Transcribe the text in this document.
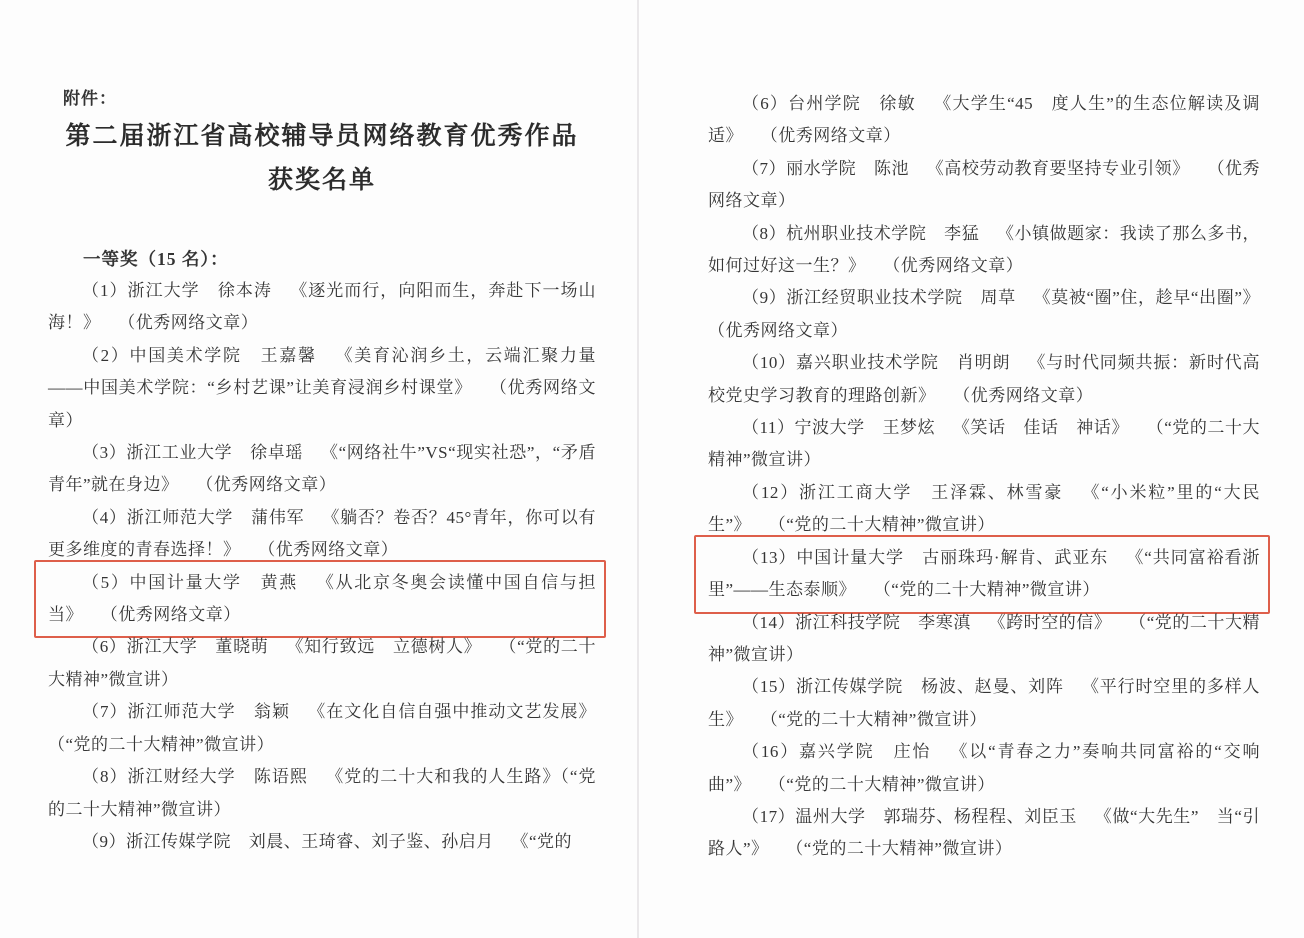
附件：

第二届浙江省高校辅导员网络教育优秀作品
获奖名单

一等奖（15 名）：

（1）浙江大学 徐本涛 《逐光而行，向阳而生，奔赴下一场山海！》 （优秀网络文章）

（2）中国美术学院 王嘉馨 《美育沁润乡土，云端汇聚力量——中国美术学院：“乡村艺课”让美育浸润乡村课堂》 （优秀网络文章）

（3）浙江工业大学 徐卓瑶 《“网络社牛”VS“现实社恐”，“矛盾青年”就在身边》 （优秀网络文章）

（4）浙江师范大学 蒲伟军 《躺否？卷否？45°青年，你可以有更多维度的青春选择！》 （优秀网络文章）

（5）中国计量大学 黄燕 《从北京冬奥会读懂中国自信与担当》 （优秀网络文章）

（6）浙江大学 董晓萌 《知行致远 立德树人》 （“党的二十大精神”微宣讲）

（7）浙江师范大学 翁颖 《在文化自信自强中推动文艺发展》（“党的二十大精神”微宣讲）

（8）浙江财经大学 陈语熙 《党的二十大和我的人生路》（“党的二十大精神”微宣讲）

（9）浙江传媒学院 刘晨、王琦睿、刘子鉴、孙启月 《“党的

（6）台州学院 徐敏 《大学生“45 度人生”的生态位解读及调适》 （优秀网络文章）

（7）丽水学院 陈池 《高校劳动教育要坚持专业引领》 （优秀网络文章）

（8）杭州职业技术学院 李猛 《小镇做题家：我读了那么多书，如何过好这一生？》 （优秀网络文章）

（9）浙江经贸职业技术学院 周草 《莫被“圈”住，趁早“出圈”》（优秀网络文章）

（10）嘉兴职业技术学院 肖明朗 《与时代同频共振：新时代高校党史学习教育的理路创新》 （优秀网络文章）

（11）宁波大学 王梦炫 《笑话 佳话 神话》 （“党的二十大精神”微宣讲）

（12）浙江工商大学 王泽霖、林雪豪 《“小米粒”里的“大民生”》 （“党的二十大精神”微宣讲）

（13）中国计量大学 古丽珠玛·解肯、武亚东 《“共同富裕看浙里”——生态泰顺》 （“党的二十大精神”微宣讲）

（14）浙江科技学院 李寒滇 《跨时空的信》 （“党的二十大精神”微宣讲）

（15）浙江传媒学院 杨波、赵曼、刘阵 《平行时空里的多样人生》 （“党的二十大精神”微宣讲）

（16）嘉兴学院 庄怡 《以“青春之力”奏响共同富裕的“交响曲”》 （“党的二十大精神”微宣讲）

（17）温州大学 郭瑞芬、杨程程、刘臣玉 《做“大先生” 当“引路人”》 （“党的二十大精神”微宣讲）
